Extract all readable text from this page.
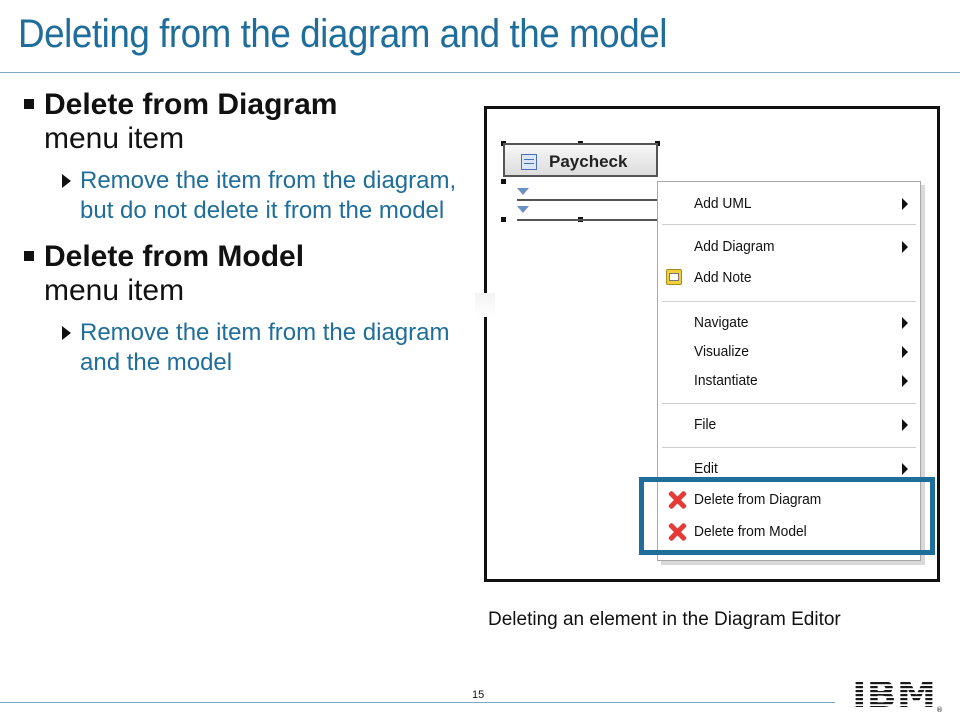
Deleting from the diagram and the model
Delete from Diagram
menu item
Remove the item from the diagram, but do not delete it from the model
Delete from Model
menu item
Remove the item from the diagram and the model
Paycheck
Add UML
Add Diagram
Add Note
Navigate
Visualize
Instantiate
File
Edit
Delete from Diagram
Delete from Model
Deleting an element in the Diagram Editor
15	IBM ®
